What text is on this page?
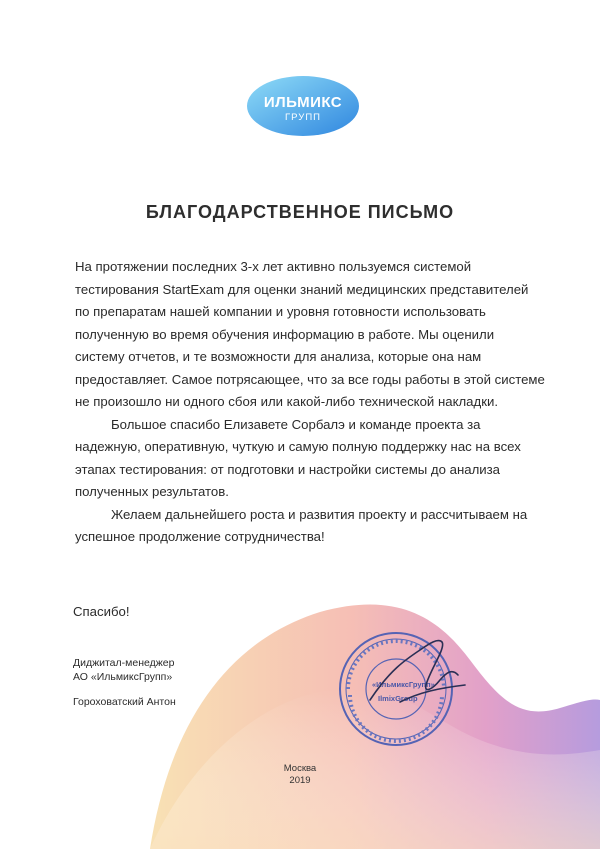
ИЛЬМИКС
ГРУПП
БЛАГОДАРСТВЕННОЕ ПИСЬМО

На протяжении последних 3-х лет активно пользуемся системой тестирования StartExam для оценки знаний медицинских представителей по препаратам нашей компании и уровня готовности использовать полученную во время обучения информацию в работе. Мы оценили систему отчетов, и те возможности для анализа, которые она нам предоставляет. Самое потрясающее, что за все годы работы в этой системе не произошло ни одного сбоя или какой-либо технической накладки.

Большое спасибо Елизавете Сорбалэ и команде проекта за надежную, оперативную, чуткую и самую полную поддержку нас на всех этапах тестирования: от подготовки и настройки системы до анализа полученных результатов.

Желаем дальнейшего роста и развития проекту и рассчитываем на успешное продолжение сотрудничества!

Спасибо!
Диджитал-менеджер
АО «ИльмиксГрупп»
Гороховатский Антон
«ИльмиксГрупп»
IlmixGroup
Москва
2019
